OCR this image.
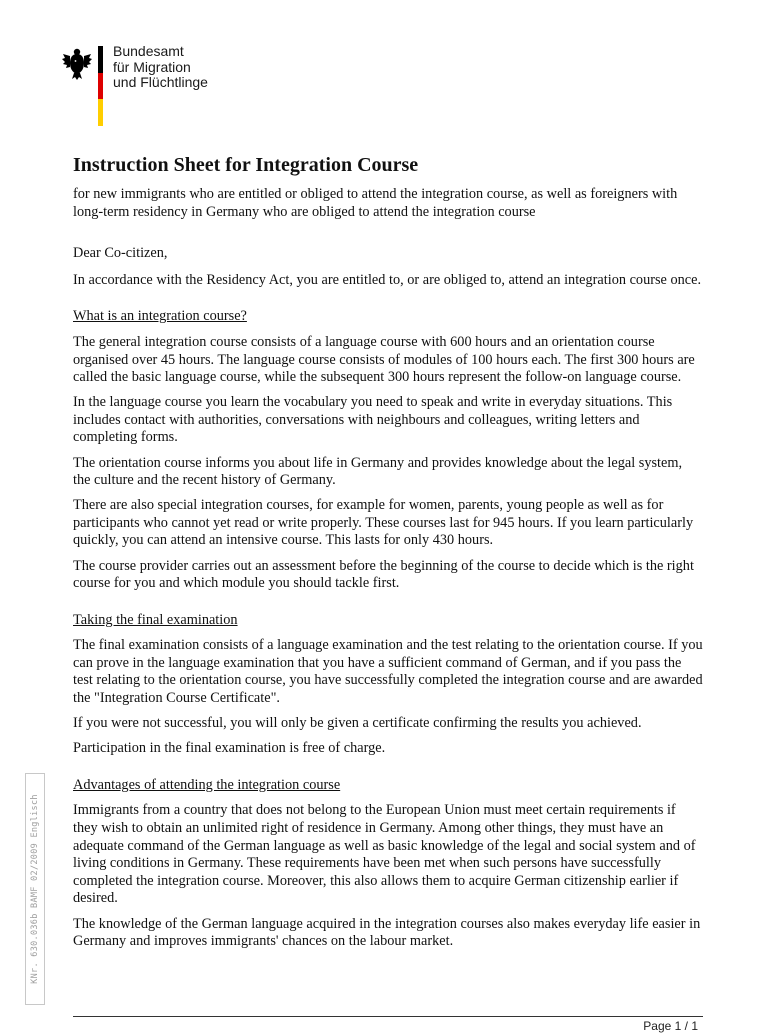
Bundesamt
für Migration
und Flüchtlinge
Instruction Sheet for Integration Course

for new immigrants who are entitled or obliged to attend the integration course, as well as foreigners with long-term residency in Germany who are obliged to attend the integration course

Dear Co-citizen,

In accordance with the Residency Act, you are entitled to, or are obliged to, attend an integration course once.

What is an integration course?

The general integration course consists of a language course with 600 hours and an orientation course organised over 45 hours. The language course consists of modules of 100 hours each. The first 300 hours are called the basic language course, while the subsequent 300 hours represent the follow-on language course.

In the language course you learn the vocabulary you need to speak and write in everyday situations. This includes contact with authorities, conversations with neighbours and colleagues, writing letters and completing forms.

The orientation course informs you about life in Germany and provides knowledge about the legal system, the culture and the recent history of Germany.

There are also special integration courses, for example for women, parents, young people as well as for participants who cannot yet read or write properly. These courses last for 945 hours. If you learn particularly quickly, you can attend an intensive course. This lasts for only 430 hours.

The course provider carries out an assessment before the beginning of the course to decide which is the right course for you and which module you should tackle first.

Taking the final examination

The final examination consists of a language examination and the test relating to the orientation course. If you can prove in the language examination that you have a sufficient command of German, and if you pass the test relating to the orientation course, you have successfully completed the integration course and are awarded the "Integration Course Certificate".

If you were not successful, you will only be given a certificate confirming the results you achieved.

Participation in the final examination is free of charge.

Advantages of attending the integration course

Immigrants from a country that does not belong to the European Union must meet certain requirements if they wish to obtain an unlimited right of residence in Germany. Among other things, they must have an adequate command of the German language as well as basic knowledge of the legal and social system and of living conditions in Germany. These requirements have been met when such persons have successfully completed the integration course. Moreover, this also allows them to acquire German citizenship earlier if desired.

The knowledge of the German language acquired in the integration courses also makes everyday life easier in Germany and improves immigrants' chances on the labour market.

KNr. 630.036b BAMF 02/2009 Englisch
Page 1 / 1
